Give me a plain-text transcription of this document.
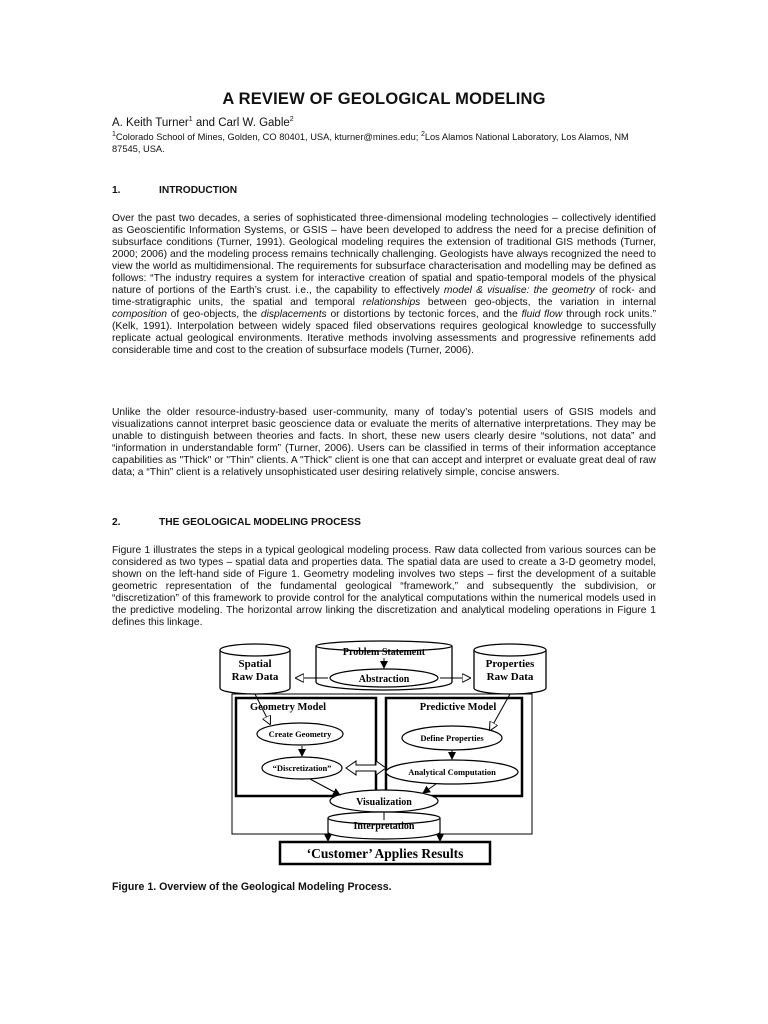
A REVIEW OF GEOLOGICAL MODELING
A. Keith Turner$^1$ and Carl W. Gable$^2$
$^1$Colorado School of Mines, Golden, CO 80401, USA, kturner@mines.edu; $^2$Los Alamos National Laboratory, Los Alamos, NM 87545, USA.
1.	INTRODUCTION
Over the past two decades, a series of sophisticated three-dimensional modeling technologies – collectively identified as Geoscientific Information Systems, or GSIS – have been developed to address the need for a precise definition of subsurface conditions (Turner, 1991). Geological modeling requires the extension of traditional GIS methods (Turner, 2000; 2006) and the modeling process remains technically challenging. Geologists have always recognized the need to view the world as multidimensional. The requirements for subsurface characterisation and modelling may be defined as follows: “The industry requires a system for interactive creation of spatial and spatio-temporal models of the physical nature of portions of the Earth’s crust. i.e., the capability to effectively model & visualise: the geometry of rock- and time-stratigraphic units, the spatial and temporal relationships between geo-objects, the variation in internal composition of geo-objects, the displacements or distortions by tectonic forces, and the fluid flow through rock units.” (Kelk, 1991). Interpolation between widely spaced filed observations requires geological knowledge to successfully replicate actual geological environments. Iterative methods involving assessments and progressive refinements add considerable time and cost to the creation of subsurface models (Turner, 2006).
Unlike the older resource-industry-based user-community, many of today’s potential users of GSIS models and visualizations cannot interpret basic geoscience data or evaluate the merits of alternative interpretations. They may be unable to distinguish between theories and facts. In short, these new users clearly desire “solutions, not data” and “information in understandable form” (Turner, 2006). Users can be classified in terms of their information acceptance capabilities as "Thick" or "Thin" clients. A "Thick" client is one that can accept and interpret or evaluate great deal of raw data; a “Thin” client is a relatively unsophisticated user desiring relatively simple, concise answers.
2.	THE GEOLOGICAL MODELING PROCESS
Figure 1 illustrates the steps in a typical geological modeling process. Raw data collected from various sources can be considered as two types – spatial data and properties data. The spatial data are used to create a 3-D geometry model, shown on the left-hand side of Figure 1. Geometry modeling involves two steps – first the development of a suitable geometric representation of the fundamental geological “framework,” and subsequently the subdivision, or “discretization” of this framework to provide control for the analytical computations within the numerical models used in the predictive modeling. The horizontal arrow linking the discretization and analytical modeling operations in Figure 1 defines this linkage.
Geometry Model	Predictive Model
Spatial
Raw Data
Properties
Raw Data
Problem Statement
Abstraction
Create Geometry
“Discretization”
Define Properties
Analytical Computation
Visualization
Interpretation
‘Customer’ Applies Results
Figure 1. Overview of the Geological Modeling Process.
